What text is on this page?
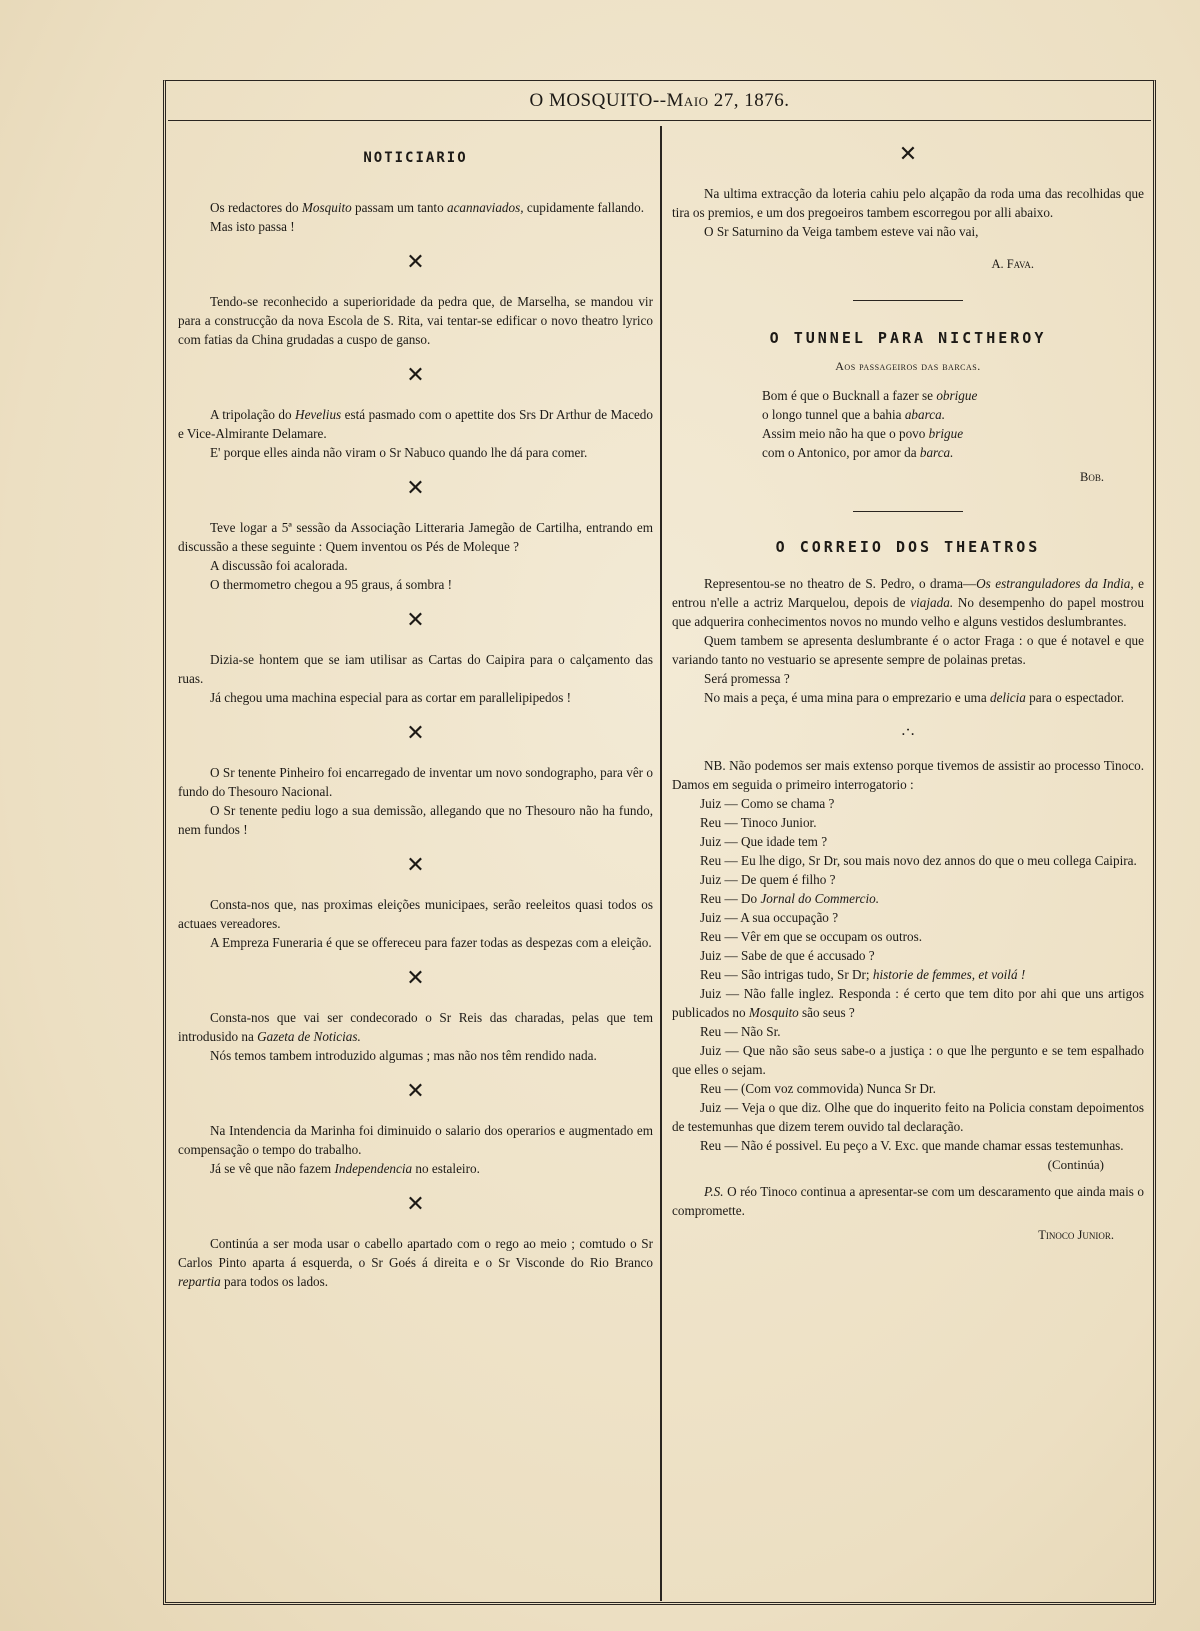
O MOSQUITO--Maio 27, 1876.
NOTICIARIO

Os redactores do Mosquito passam um tanto acannaviados, cupidamente fallando.

Mas isto passa !

✕

Tendo-se reconhecido a superioridade da pedra que, de Marselha, se mandou vir para a construcção da nova Escola de S. Rita, vai tentar-se edificar o novo theatro lyrico com fatias da China grudadas a cuspo de ganso.

✕

A tripolação do Hevelius está pasmado com o apettite dos Srs Dr Arthur de Macedo e Vice-Almirante Delamare.

E' porque elles ainda não viram o Sr Nabuco quando lhe dá para comer.

✕

Teve logar a 5ª sessão da Associação Litteraria Jamegão de Cartilha, entrando em discussão a these seguinte : Quem inventou os Pés de Moleque ?

A discussão foi acalorada.

O thermometro chegou a 95 graus, á sombra !

✕

Dizia-se hontem que se iam utilisar as Cartas do Caipira para o calçamento das ruas.

Já chegou uma machina especial para as cortar em parallelipipedos !

✕

O Sr tenente Pinheiro foi encarregado de inventar um novo sondographo, para vêr o fundo do Thesouro Nacional.

O Sr tenente pediu logo a sua demissão, allegando que no Thesouro não ha fundo, nem fundos !

✕

Consta-nos que, nas proximas eleições municipaes, serão reeleitos quasi todos os actuaes vereadores.

A Empreza Funeraria é que se offereceu para fazer todas as despezas com a eleição.

✕

Consta-nos que vai ser condecorado o Sr Reis das charadas, pelas que tem introdusido na Gazeta de Noticias.

Nós temos tambem introduzido algumas ; mas não nos têm rendido nada.

✕

Na Intendencia da Marinha foi diminuido o salario dos operarios e augmentado em compensação o tempo do trabalho.

Já se vê que não fazem Independencia no estaleiro.

✕

Continúa a ser moda usar o cabello apartado com o rego ao meio ; comtudo o Sr Carlos Pinto aparta á esquerda, o Sr Goés á direita e o Sr Visconde do Rio Branco repartia para todos os lados.

✕

Na ultima extracção da loteria cahiu pelo alçapão da roda uma das recolhidas que tira os premios, e um dos pregoeiros tambem escorregou por alli abaixo.

O Sr Saturnino da Veiga tambem esteve vai não vai,

A. Fava.

O TUNNEL PARA NICTHEROY

Aos passageiros das barcas.

Bom é que o Bucknall a fazer se obrigue

o longo tunnel que a bahia abarca.

Assim meio não ha que o povo brigue

com o Antonico, por amor da barca.

Bob.

O CORREIO DOS THEATROS

Representou-se no theatro de S. Pedro, o drama—Os estranguladores da India, e entrou n'elle a actriz Marquelou, depois de viajada. No desempenho do papel mostrou que adquerira conhecimentos novos no mundo velho e alguns vestidos deslumbrantes.

Quem tambem se apresenta deslumbrante é o actor Fraga : o que é notavel e que variando tanto no vestuario se apresente sempre de polainas pretas.

Será promessa ?

No mais a peça, é uma mina para o emprezario e uma delicia para o espectador.

.·.

NB. Não podemos ser mais extenso porque tivemos de assistir ao processo Tinoco. Damos em seguida o primeiro interrogatorio :

Juiz — Como se chama ?

Reu — Tinoco Junior.

Juiz — Que idade tem ?

Reu — Eu lhe digo, Sr Dr, sou mais novo dez annos do que o meu collega Caipira.

Juiz — De quem é filho ?

Reu — Do Jornal do Commercio.

Juiz — A sua occupação ?

Reu — Vêr em que se occupam os outros.

Juiz — Sabe de que é accusado ?

Reu — São intrigas tudo, Sr Dr; historie de femmes, et voilá !

Juiz — Não falle inglez. Responda : é certo que tem dito por ahi que uns artigos publicados no Mosquito são seus ?

Reu — Não Sr.

Juiz — Que não são seus sabe-o a justiça : o que lhe pergunto e se tem espalhado que elles o sejam.

Reu — (Com voz commovida) Nunca Sr Dr.

Juiz — Veja o que diz. Olhe que do inquerito feito na Policia constam depoimentos de testemunhas que dizem terem ouvido tal declaração.

Reu — Não é possivel. Eu peço a V. Exc. que mande chamar essas testemunhas.

(Continúa)

P.S. O réo Tinoco continua a apresentar-se com um descaramento que ainda mais o compromette.

Tinoco Junior.
